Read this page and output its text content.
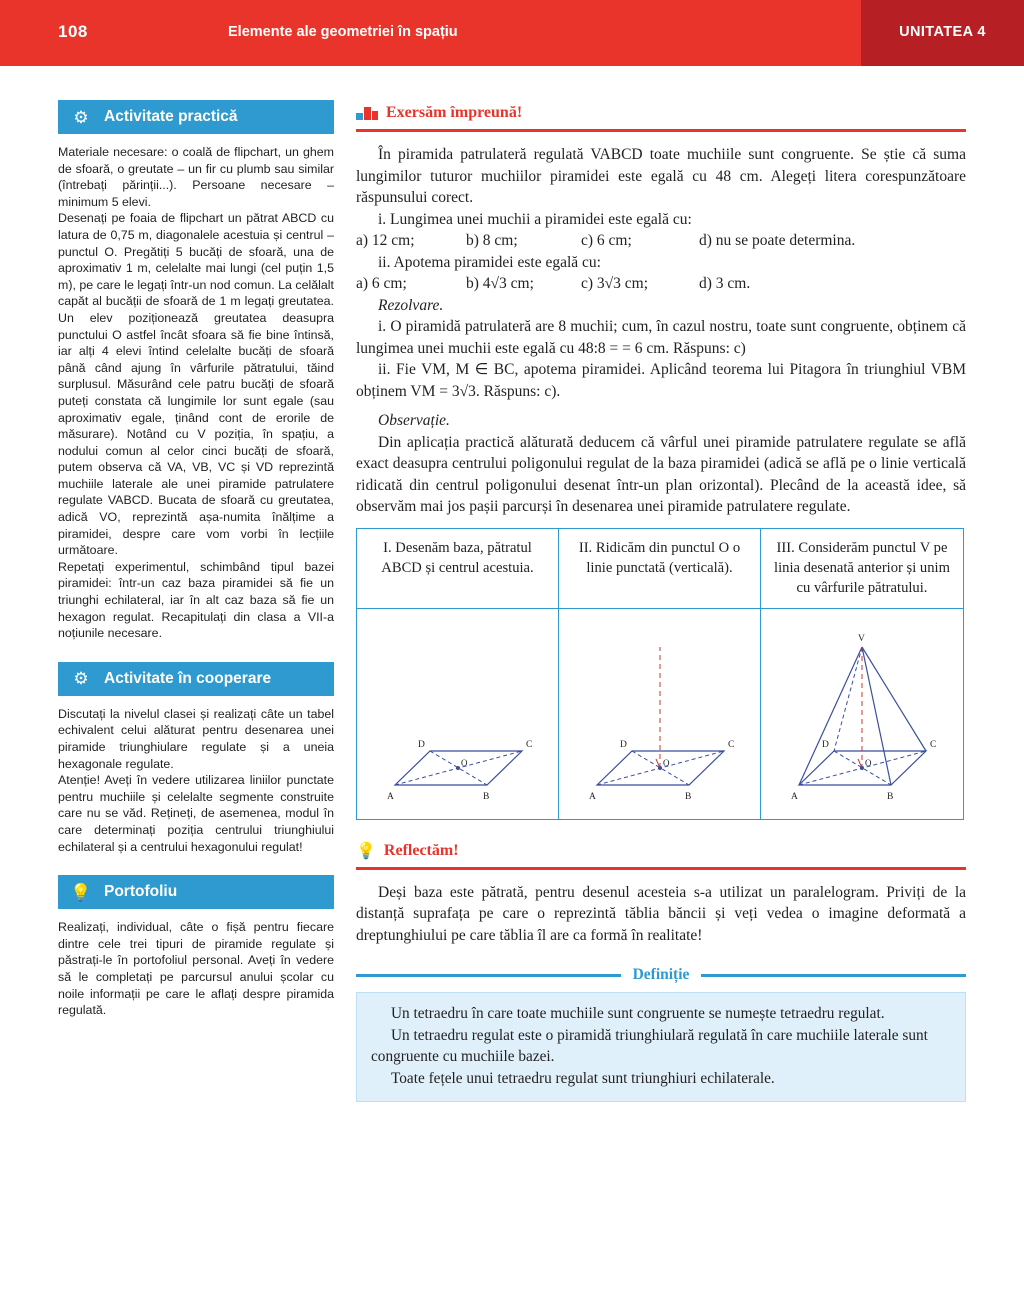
108	Elemente ale geometriei în spațiu	UNITATEA 4
⚙ Activitate practică

Materiale necesare: o coală de flipchart, un ghem de sfoară, o greutate – un fir cu plumb sau similar (întrebați părinții...). Persoane necesare – minimum 5 elevi.

Desenați pe foaia de flipchart un pătrat ABCD cu latura de 0,75 m, diagonalele acestuia și centrul – punctul O. Pregătiți 5 bucăți de sfoară, una de aproximativ 1 m, celelalte mai lungi (cel puțin 1,5 m), pe care le legați într-un nod comun. La celălalt capăt al bucății de sfoară de 1 m legați greutatea. Un elev poziționează greutatea deasupra punctului O astfel încât sfoara să fie bine întinsă, iar alți 4 elevi întind celelalte bucăți de sfoară până când ajung în vârfurile pătratului, tăind surplusul. Măsurând cele patru bucăți de sfoară puteți constata că lungimile lor sunt egale (sau aproximativ egale, ținând cont de erorile de măsurare). Notând cu V poziția, în spațiu, a nodului comun al celor cinci bucăți de sfoară, putem observa că VA, VB, VC și VD reprezintă muchiile laterale ale unei piramide patrulatere regulate VABCD. Bucata de sfoară cu greutatea, adică VO, reprezintă așa-numita înălțime a piramidei, despre care vom vorbi în lecțiile următoare.

Repetați experimentul, schimbând tipul bazei piramidei: într-un caz baza piramidei să fie un triunghi echilateral, iar în alt caz baza să fie un hexagon regulat. Recapitulați din clasa a VII-a noțiunile necesare.

⚙ Activitate în cooperare

Discutați la nivelul clasei și realizați câte un tabel echivalent celui alăturat pentru desenarea unei piramide triunghiulare regulate și a uneia hexagonale regulate.

Atenție! Aveți în vedere utilizarea liniilor punctate pentru muchiile și celelalte segmente construite care nu se văd. Rețineți, de asemenea, modul în care determinați poziția centrului triunghiului echilateral și a centrului hexagonului regulat!

💡 Portofoliu

Realizați, individual, câte o fișă pentru fiecare dintre cele trei tipuri de piramide regulate și păstrați-le în portofoliul personal. Aveți în vedere să le completați pe parcursul anului școlar cu noile informații pe care le aflați despre piramida regulată.

Exersăm împreună!

În piramida patrulateră regulată VABCD toate muchiile sunt congruente. Se știe că suma lungimilor tuturor muchiilor piramidei este egală cu 48 cm. Alegeți litera corespunzătoare răspunsului corect.

i. Lungimea unei muchii a piramidei este egală cu:

a) 12 cm;	b) 8 cm;	c) 6 cm;	d) nu se poate determina.

ii. Apotema piramidei este egală cu:

a) 6 cm;	b) 4√3 cm;	c) 3√3 cm;	d) 3 cm.

Rezolvare.

i. O piramidă patrulateră are 8 muchii; cum, în cazul nostru, toate sunt congruente, obținem că lungimea unei muchii este egală cu 48:8 = = 6 cm. Răspuns: c)

ii. Fie VM, M ∈ BC, apotema piramidei. Aplicând teorema lui Pitagora în triunghiul VBM obținem VM = 3√3. Răspuns: c).

Observație.

Din aplicația practică alăturată deducem că vârful unei piramide patrulatere regulate se află exact deasupra centrului poligonului regulat de la baza piramidei (adică se află pe o linie verticală ridicată din centrul poligonului desenat într-un plan orizontal). Plecând de la această idee, să observăm mai jos pașii parcurși în desenarea unei piramide patrulatere regulate.

I. Desenăm baza, pătratul ABCD și centrul acestuia.
II. Ridicăm din punctul O o linie punctată (verticală).
III. Considerăm punctul V pe linia desenată anterior și unim cu vârfurile pătratului.
O
A	B
C
D
O
A	B
C
D
O
V
A	B
C
D
💡 Reflectăm!

Deși baza este pătrată, pentru desenul acesteia s-a utilizat un paralelogram. Priviți de la distanță suprafața pe care o reprezintă tăblia băncii și veți vedea o imagine deformată a dreptunghiului pe care tăblia îl are ca formă în realitate!

Definiție

Un tetraedru în care toate muchiile sunt congruente se numește tetraedru regulat.

Un tetraedru regulat este o piramidă triunghiulară regulată în care muchiile laterale sunt congruente cu muchiile bazei.

Toate fețele unui tetraedru regulat sunt triunghiuri echilaterale.
